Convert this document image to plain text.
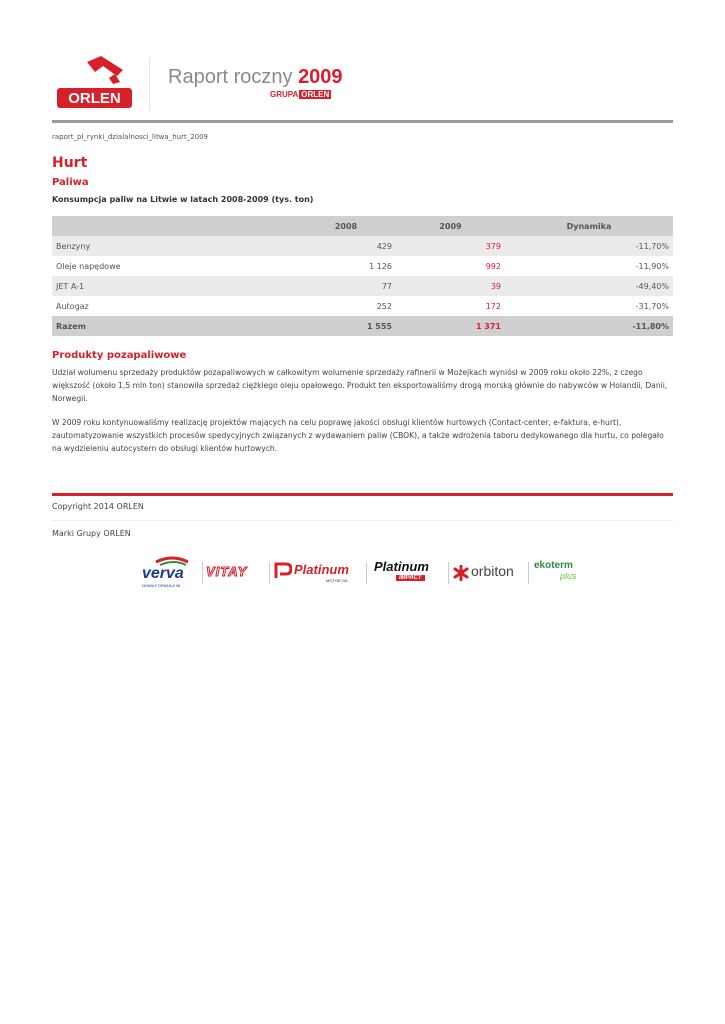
ORLEN
Raport roczny 2009
GRUPA ORLEN
raport_pl_rynki_dzialalnosci_litwa_hurt_2009
Hurt
Paliwa
Konsumpcja paliw na Litwie w latach 2008-2009 (tys. ton)
	2008	2009	Dynamika
Benzyny	429	379	-11,70%
Oleje napędowe	1 126	992	-11,90%
JET A-1	77	39	-49,40%
Autogaz	252	172	-31,70%
Razem	1 555	1 371	-11,80%
Produkty pozapaliwowe

Udział wolumenu sprzedaży produktów pozapaliwowych w całkowitym wolumenie sprzedaży rafinerii w Możejkach wyniósł w 2009 roku około 22%, z czego większość (około 1,5 mln ton) stanowiła sprzedaż ciężkiego oleju opałowego. Produkt ten eksportowaliśmy drogą morską głównie do nabywców w Holandii, Danii, Norwegii.

W 2009 roku kontynuowaliśmy realizację projektów mających na celu poprawę jakości obsługi klientów hurtowych (Contact-center, e-faktura, e-hurt), zautomatyzowanie wszystkich procesów spedycyjnych związanych z wydawaniem paliw (CBOK), a także wdrożenia taboru dedykowanego dla hurtu, co polegało na wydzieleniu autocystern do obsługi klientów hurtowych.

Copyright 2014 ORLEN
Marki Grupy ORLEN
verva
NOWA FORMUŁA 98
VITAY	Platinum
MOTOR OIL
Platinum
IMPACT	orbiton ekoterm
plus
